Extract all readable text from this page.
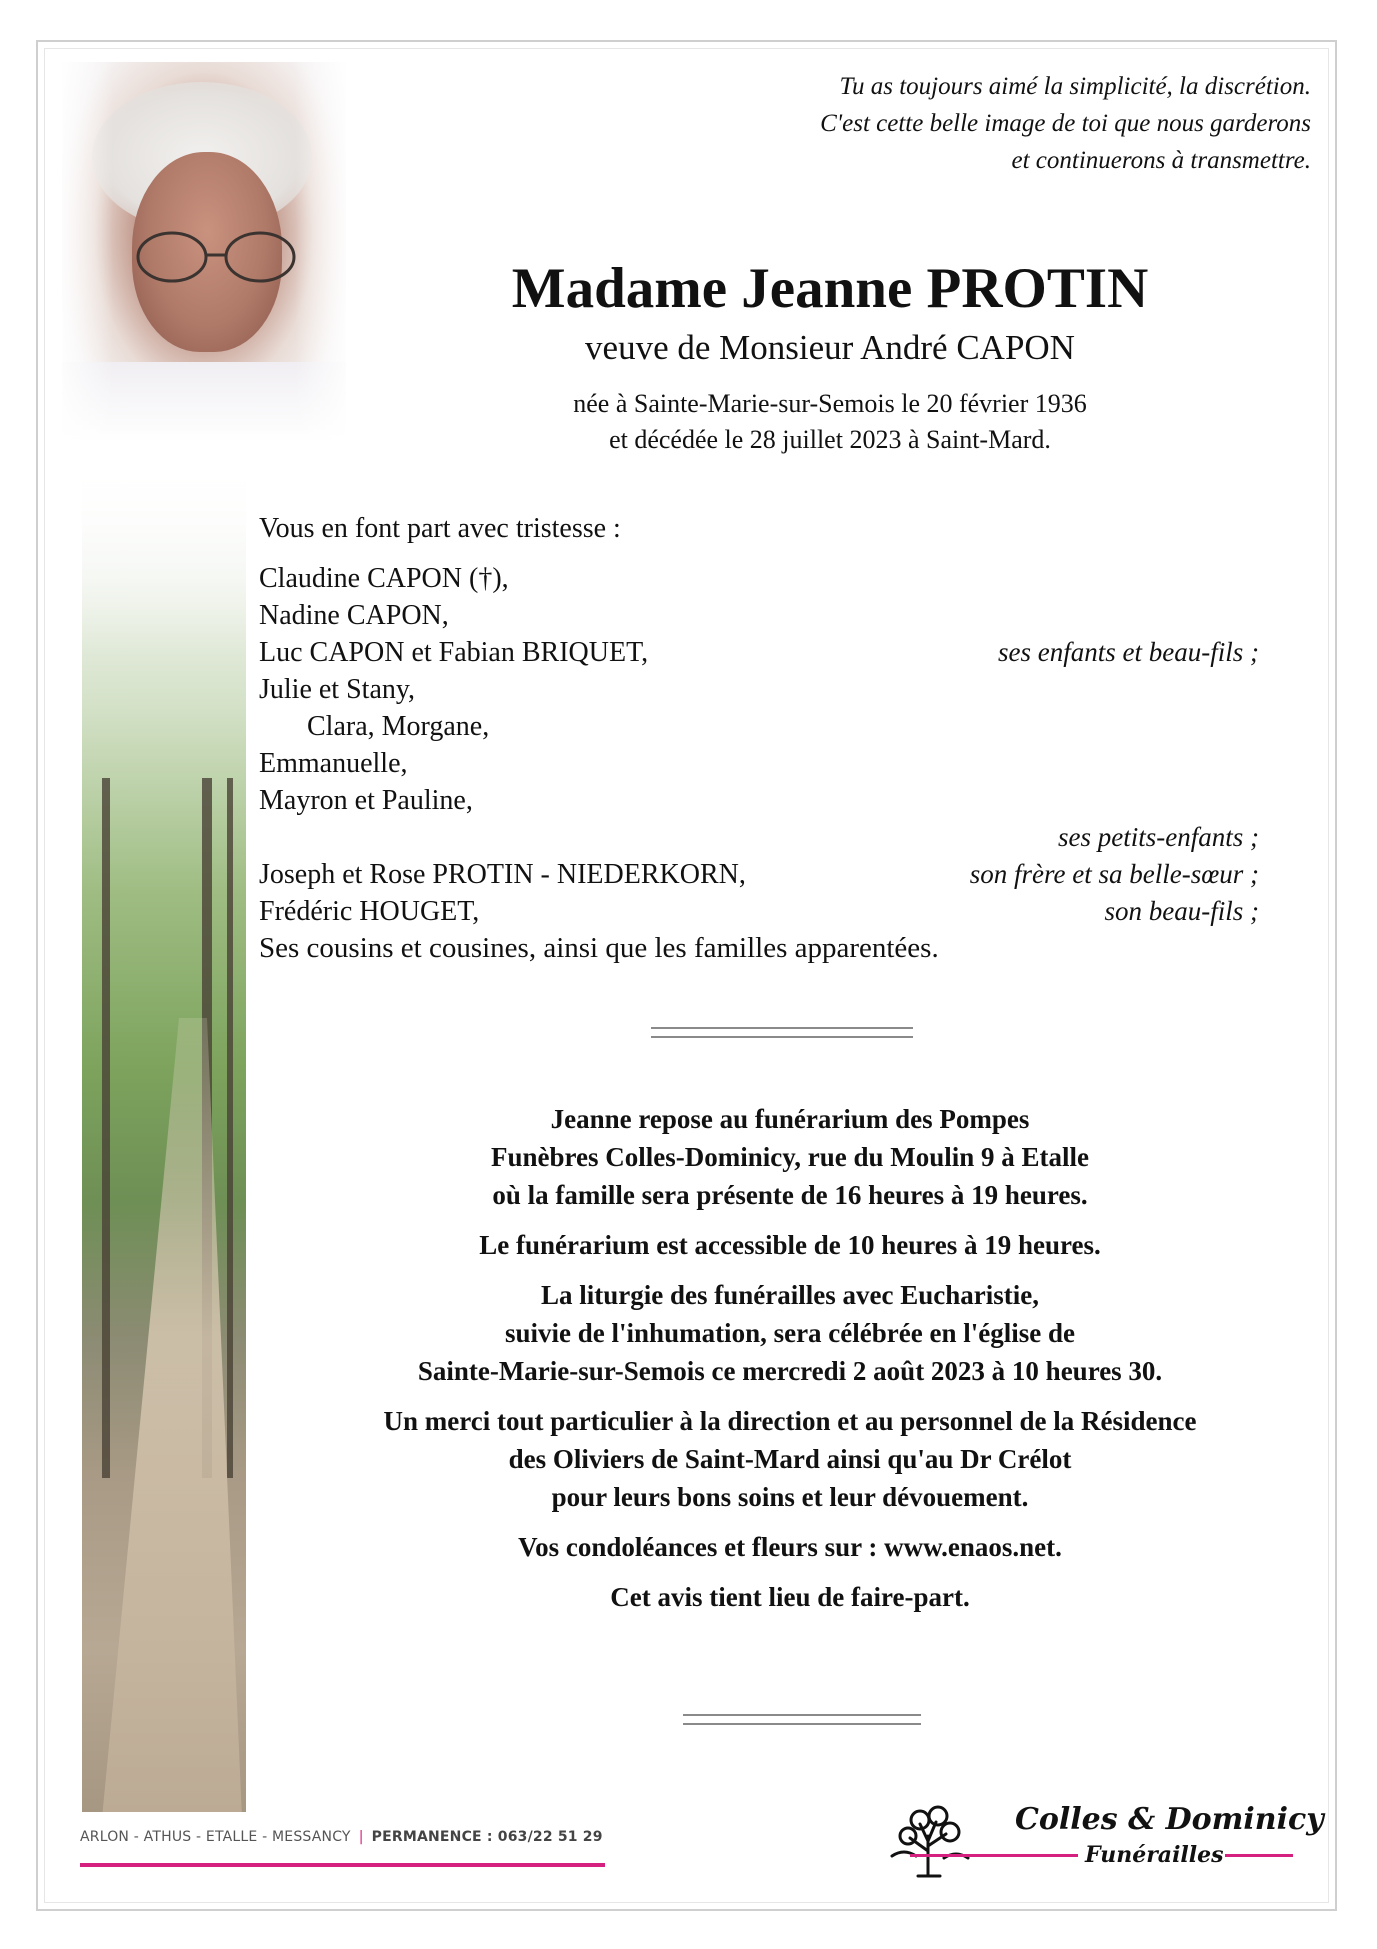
Tu as toujours aimé la simplicité, la discrétion.
C'est cette belle image de toi que nous garderons
et continuerons à transmettre.
Madame Jeanne PROTIN
veuve de Monsieur André CAPON
née à Sainte-Marie-sur-Semois le 20 février 1936
et décédée le 28 juillet 2023 à Saint-Mard.
Vous en font part avec tristesse :
Claudine CAPON (†),
Nadine CAPON,
Luc CAPON et Fabian BRIQUET,	ses enfants et beau-fils ;
Julie et Stany,
Clara, Morgane,
Emmanuelle,
Mayron et Pauline,
ses petits-enfants ;
Joseph et Rose PROTIN - NIEDERKORN,	son frère et sa belle-sœur ;
Frédéric HOUGET,	son beau-fils ;
Ses cousins et cousines, ainsi que les familles apparentées.
Jeanne repose au funérarium des Pompes
Funèbres Colles-Dominicy, rue du Moulin 9 à Etalle
où la famille sera présente de 16 heures à 19 heures.
Le funérarium est accessible de 10 heures à 19 heures.
La liturgie des funérailles avec Eucharistie,
suivie de l'inhumation, sera célébrée en l'église de
Sainte-Marie-sur-Semois ce mercredi 2 août 2023 à 10 heures 30.
Un merci tout particulier à la direction et au personnel de la Résidence
des Oliviers de Saint-Mard ainsi qu'au Dr Crélot
pour leurs bons soins et leur dévouement.
Vos condoléances et fleurs sur : www.enaos.net.
Cet avis tient lieu de faire-part.
ARLON - ATHUS - ETALLE - MESSANCY | PERMANENCE : 063/22 51 29	Colles & Dominicy
Funérailles
